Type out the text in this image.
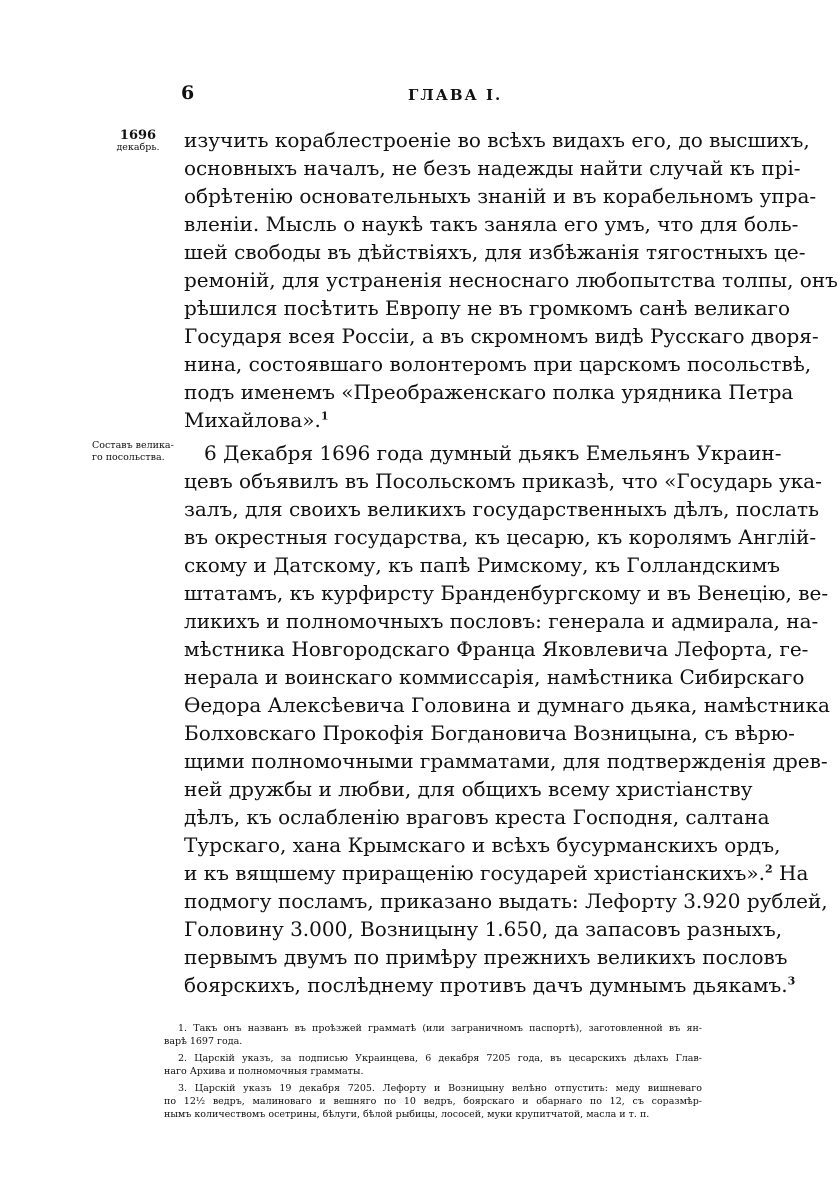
6	ГЛАВА I.
1696
декабрь.
Составъ велика-
го посольства.
изучить кораблестроеніе во всѣхъ видахъ его, до высшихъ,
основныхъ началъ, не безъ надежды найти случай къ прі-
обрѣтенію основательныхъ знаній и въ корабельномъ упра-
вленіи. Мысль о наукѣ такъ заняла его умъ, что для боль-
шей свободы въ дѣйствіяхъ, для избѣжанія тягостныхъ це-
ремоній, для устраненія несноснаго любопытства толпы, онъ
рѣшился посѣтить Европу не въ громкомъ санѣ великаго
Государя всея Россіи, а въ скромномъ видѣ Русскаго дворя-
нина, состоявшаго волонтеромъ при царскомъ посольствѣ,
подъ именемъ «Преображенскаго полка урядника Петра
Михайлова».$^1$
6 Декабря 1696 года думный дьякъ Емельянъ Украин-
цевъ объявилъ въ Посольскомъ приказѣ, что «Государь ука-
залъ, для своихъ великихъ государственныхъ дѣлъ, послать
въ окрестныя государства, къ цесарю, къ королямъ Англій-
скому и Датскому, къ папѣ Римскому, къ Голландскимъ
штатамъ, къ курфирсту Бранденбургскому и въ Венецію, ве-
ликихъ и полномочныхъ пословъ: генерала и адмирала, на-
мѣстника Новгородскаго Франца Яковлевича Лефорта, ге-
нерала и воинскаго коммиссарія, намѣстника Сибирскаго
Ѳедора Алексѣевича Головина и думнаго дьяка, намѣстника
Болховскаго Прокофія Богдановича Возницына, съ вѣрю-
щими полномочными грамматами, для подтвержденія древ-
ней дружбы и любви, для общихъ всему христіанству
дѣлъ, къ ослабленію враговъ креста Господня, салтана
Турскаго, хана Крымскаго и всѣхъ бусурманскихъ ордъ,
и къ вящшему приращенію государей христіанскихъ».$^2$ На
подмогу посламъ, приказано выдать: Лефорту 3.920 рублей,
Головину 3.000, Возницыну 1.650, да запасовъ разныхъ,
первымъ двумъ по примѣру прежнихъ великихъ пословъ
боярскихъ, послѣднему противъ дачъ думнымъ дьякамъ.$^3$
1. Такъ онъ названъ въ проѣзжей грамматѣ (или заграничномъ паспортѣ), заготовленной въ ян-
варѣ 1697 года.
2. Царскій указъ, за подписью Украинцева, 6 декабря 7205 года, въ цесарскихъ дѣлахъ Глав-
наго Архива и полномочныя грамматы.
3. Царскій указъ 19 декабря 7205. Лефорту и Возницыну велѣно отпустить: меду вишневаго
по 12½ ведръ, малиноваго и вешняго по 10 ведръ, боярскаго и обарнаго по 12, съ соразмѣр-
нымъ количествомъ осетрины, бѣлуги, бѣлой рыбицы, лососей, муки крупитчатой, масла и т. п.
